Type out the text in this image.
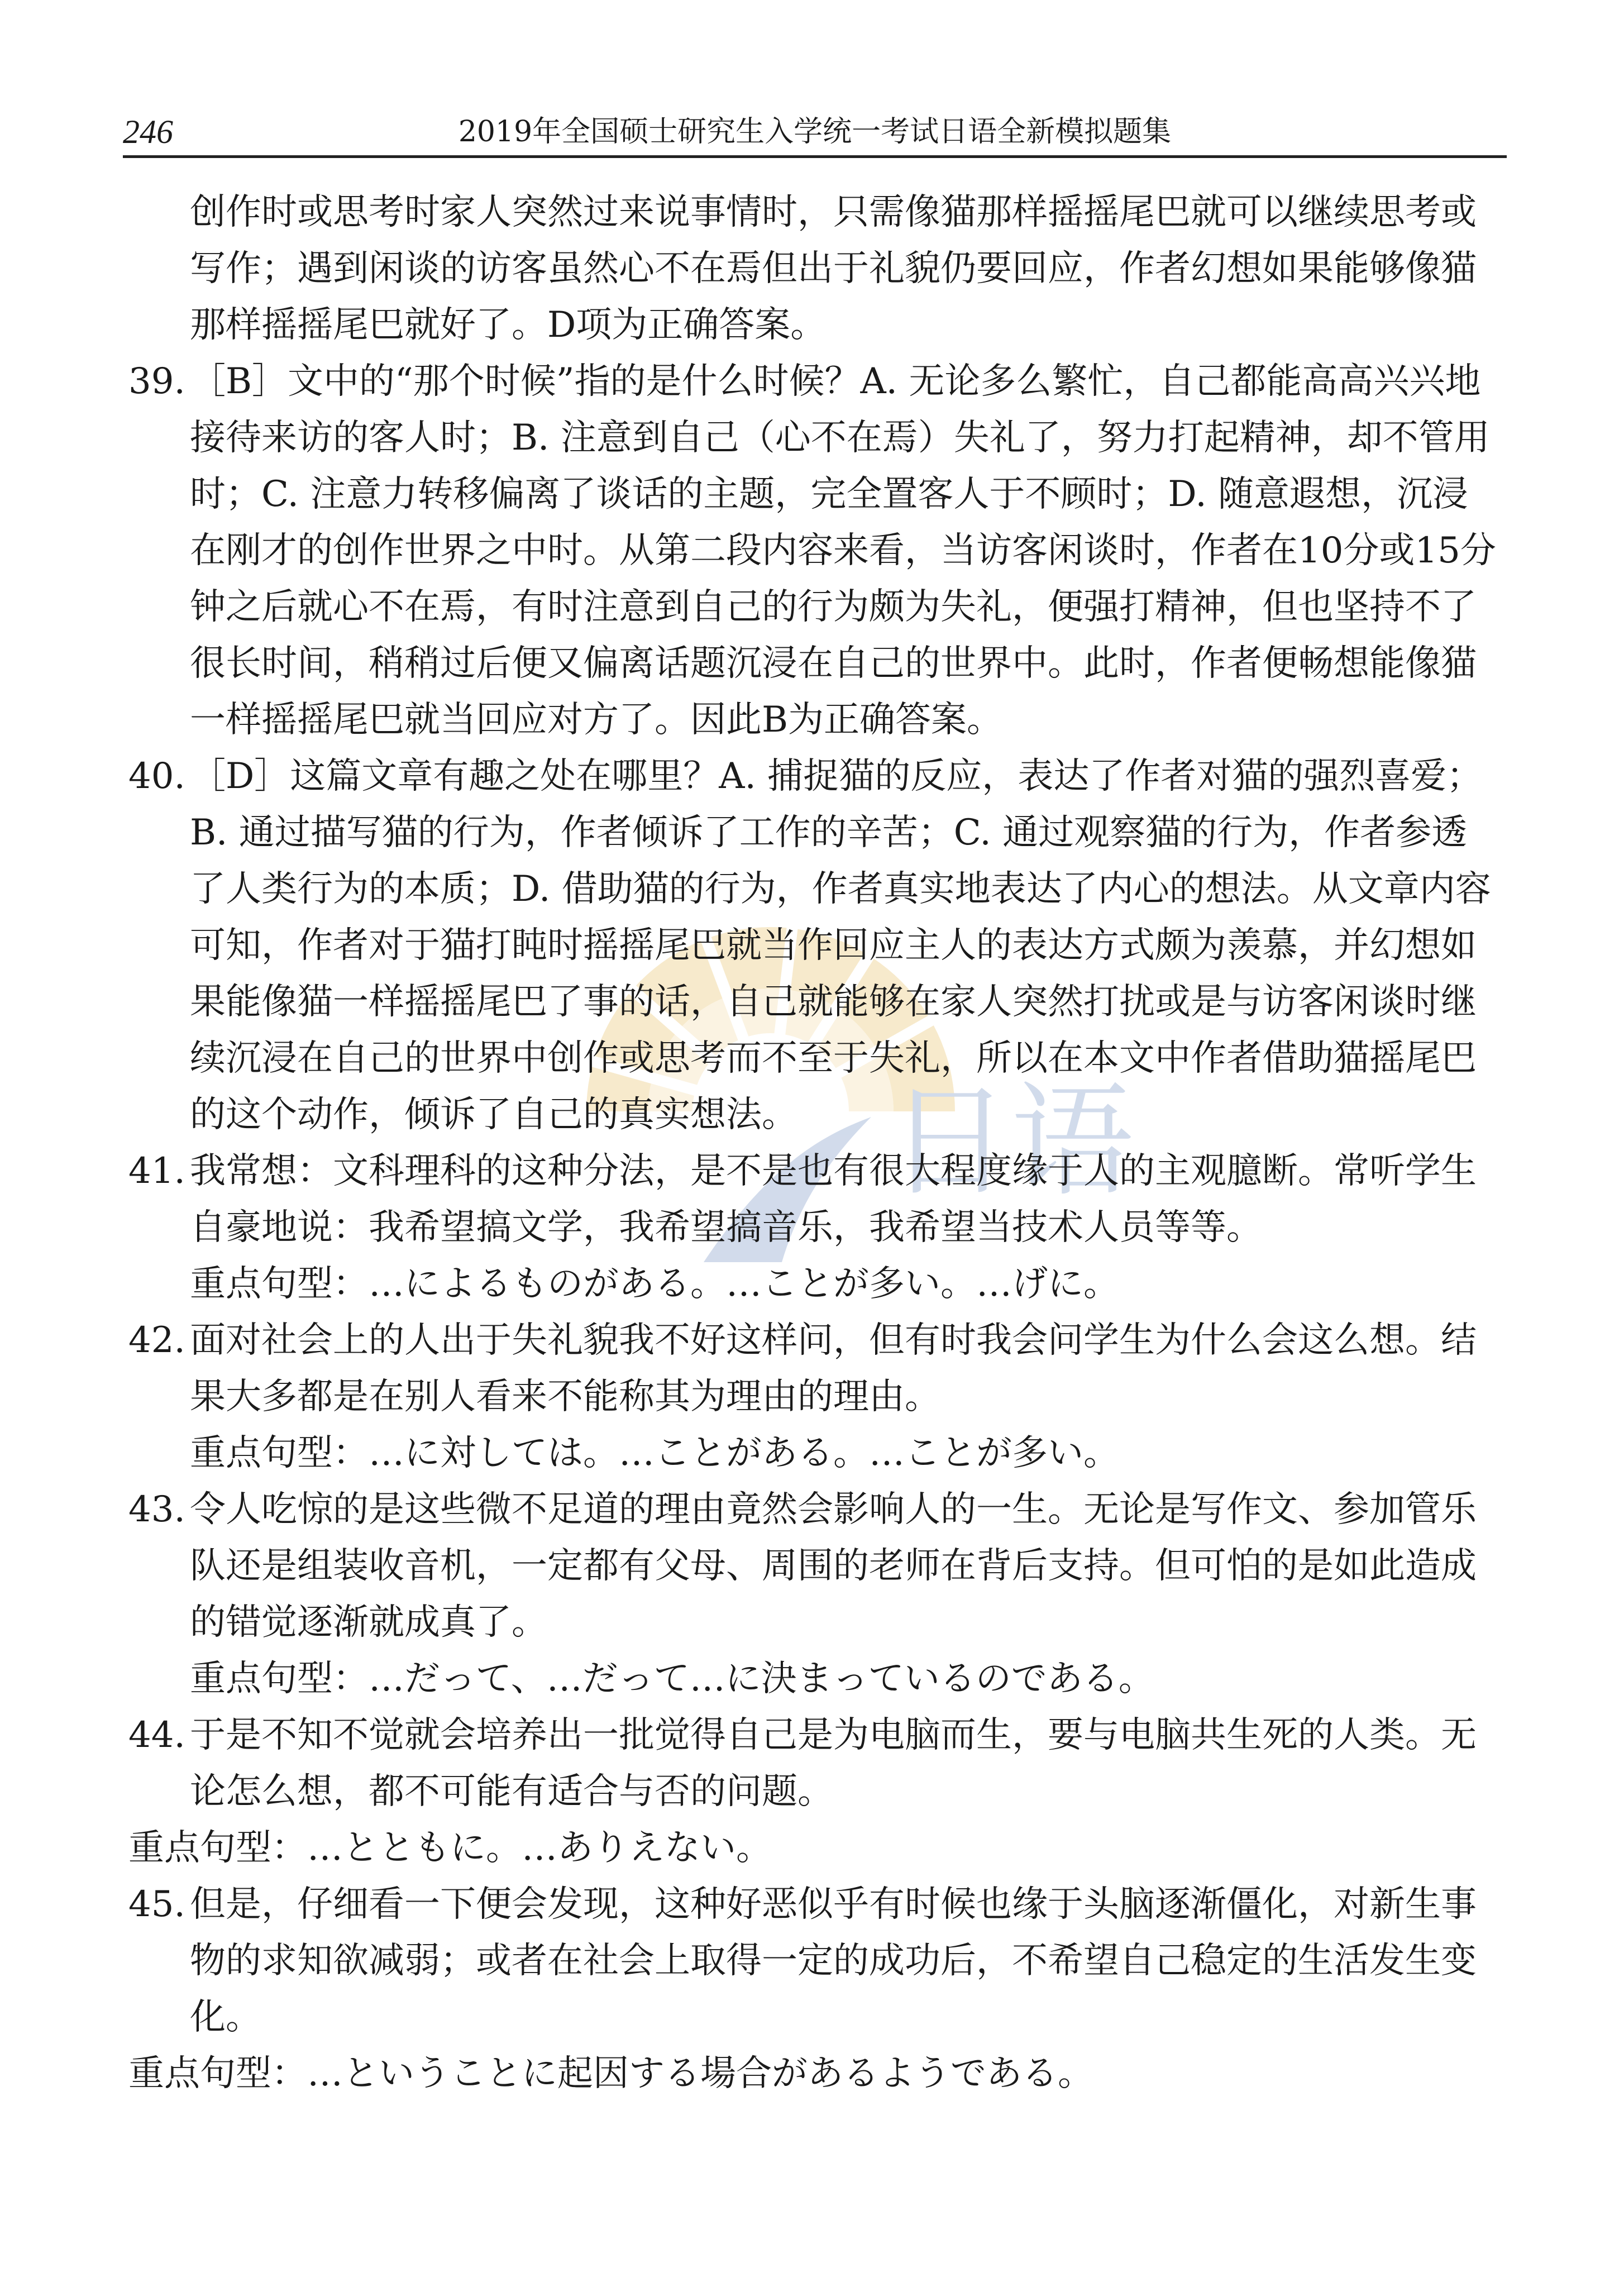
246	2019年全国硕士研究生入学统一考试日语全新模拟题集
日语

创作时或思考时家人突然过来说事情时，只需像猫那样摇摇尾巴就可以继续思考或写作；遇到闲谈的访客虽然心不在焉但出于礼貌仍要回应，作者幻想如果能够像猫那样摇摇尾巴就好了。D项为正确答案。

39. ［B］文中的“那个时候”指的是什么时候？A. 无论多么繁忙，自己都能高高兴兴地接待来访的客人时；B. 注意到自己（心不在焉）失礼了，努力打起精神，却不管用时；C. 注意力转移偏离了谈话的主题，完全置客人于不顾时；D. 随意遐想，沉浸在刚才的创作世界之中时。从第二段内容来看，当访客闲谈时，作者在10分或15分钟之后就心不在焉，有时注意到自己的行为颇为失礼，便强打精神，但也坚持不了很长时间，稍稍过后便又偏离话题沉浸在自己的世界中。此时，作者便畅想能像猫一样摇摇尾巴就当回应对方了。因此B为正确答案。

40. ［D］这篇文章有趣之处在哪里？A. 捕捉猫的反应，表达了作者对猫的强烈喜爱；B. 通过描写猫的行为，作者倾诉了工作的辛苦；C. 通过观察猫的行为，作者参透了人类行为的本质；D. 借助猫的行为，作者真实地表达了内心的想法。从文章内容可知，作者对于猫打盹时摇摇尾巴就当作回应主人的表达方式颇为羡慕，并幻想如果能像猫一样摇摇尾巴了事的话，自己就能够在家人突然打扰或是与访客闲谈时继续沉浸在自己的世界中创作或思考而不至于失礼，所以在本文中作者借助猫摇尾巴的这个动作，倾诉了自己的真实想法。

41. 我常想：文科理科的这种分法，是不是也有很大程度缘于人的主观臆断。常听学生自豪地说：我希望搞文学，我希望搞音乐，我希望当技术人员等等。

重点句型：…によるものがある。…ことが多い。…げに。

42. 面对社会上的人出于失礼貌我不好这样问，但有时我会问学生为什么会这么想。结果大多都是在别人看来不能称其为理由的理由。

重点句型：…に対しては。…ことがある。…ことが多い。

43. 令人吃惊的是这些微不足道的理由竟然会影响人的一生。无论是写作文、参加管乐队还是组装收音机，一定都有父母、周围的老师在背后支持。但可怕的是如此造成的错觉逐渐就成真了。

重点句型：…だって、…だって…に決まっているのである。

44. 于是不知不觉就会培养出一批觉得自己是为电脑而生，要与电脑共生死的人类。无论怎么想，都不可能有适合与否的问题。

重点句型：…とともに。…ありえない。

45. 但是，仔细看一下便会发现，这种好恶似乎有时候也缘于头脑逐渐僵化，对新生事物的求知欲减弱；或者在社会上取得一定的成功后，不希望自己稳定的生活发生变化。

重点句型：…ということに起因する場合があるようである。
